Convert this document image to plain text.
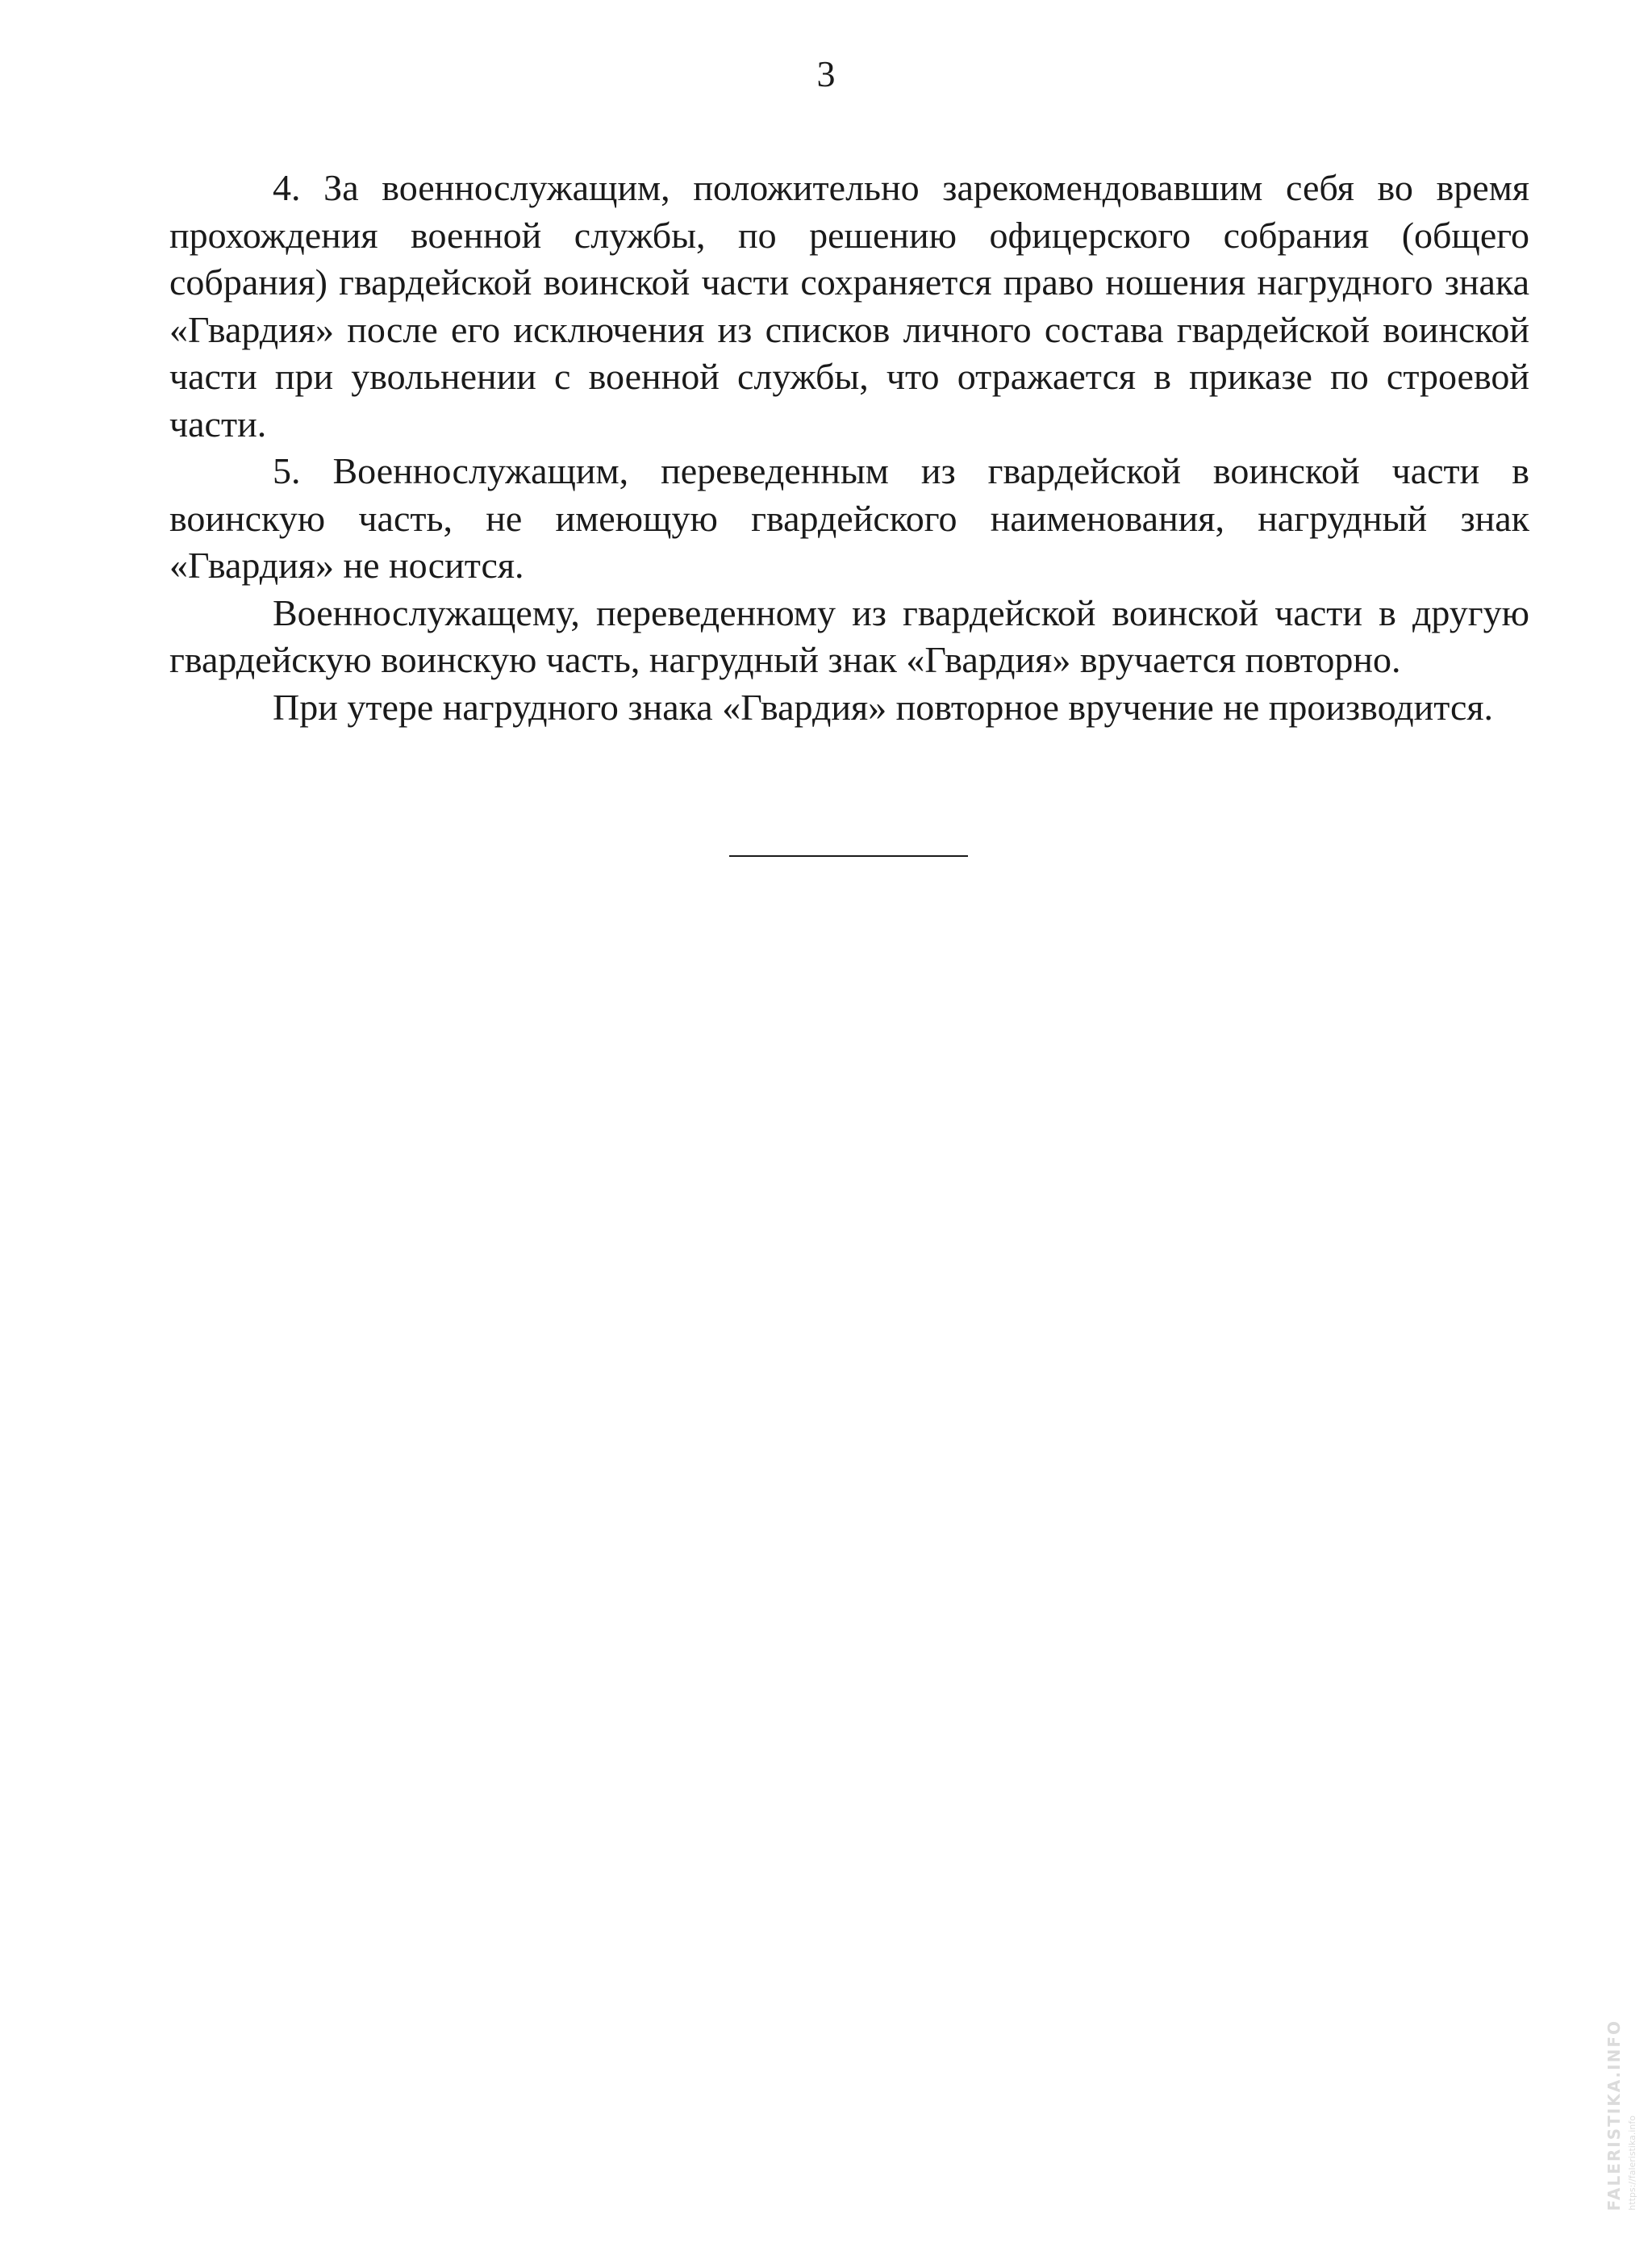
3

4. За военнослужащим, положительно зарекомендовавшим себя во время прохождения военной службы, по решению офицерского собрания (общего собрания) гвардейской воинской части сохраняется право ношения нагрудного знака «Гвардия» после его исключения из списков личного состава гвардейской воинской части при увольнении с военной службы, что отражается в приказе по строевой части.

5. Военнослужащим, переведенным из гвардейской воинской части в воинскую часть, не имеющую гвардейского наименования, нагрудный знак «Гвардия» не носится.

Военнослужащему, переведенному из гвардейской воинской части в другую гвардейскую воинскую часть, нагрудный знак «Гвардия» вручается повторно.

При утере нагрудного знака «Гвардия» повторное вручение не производится.

FALERISTIKA.INFO https://faleristika.info
